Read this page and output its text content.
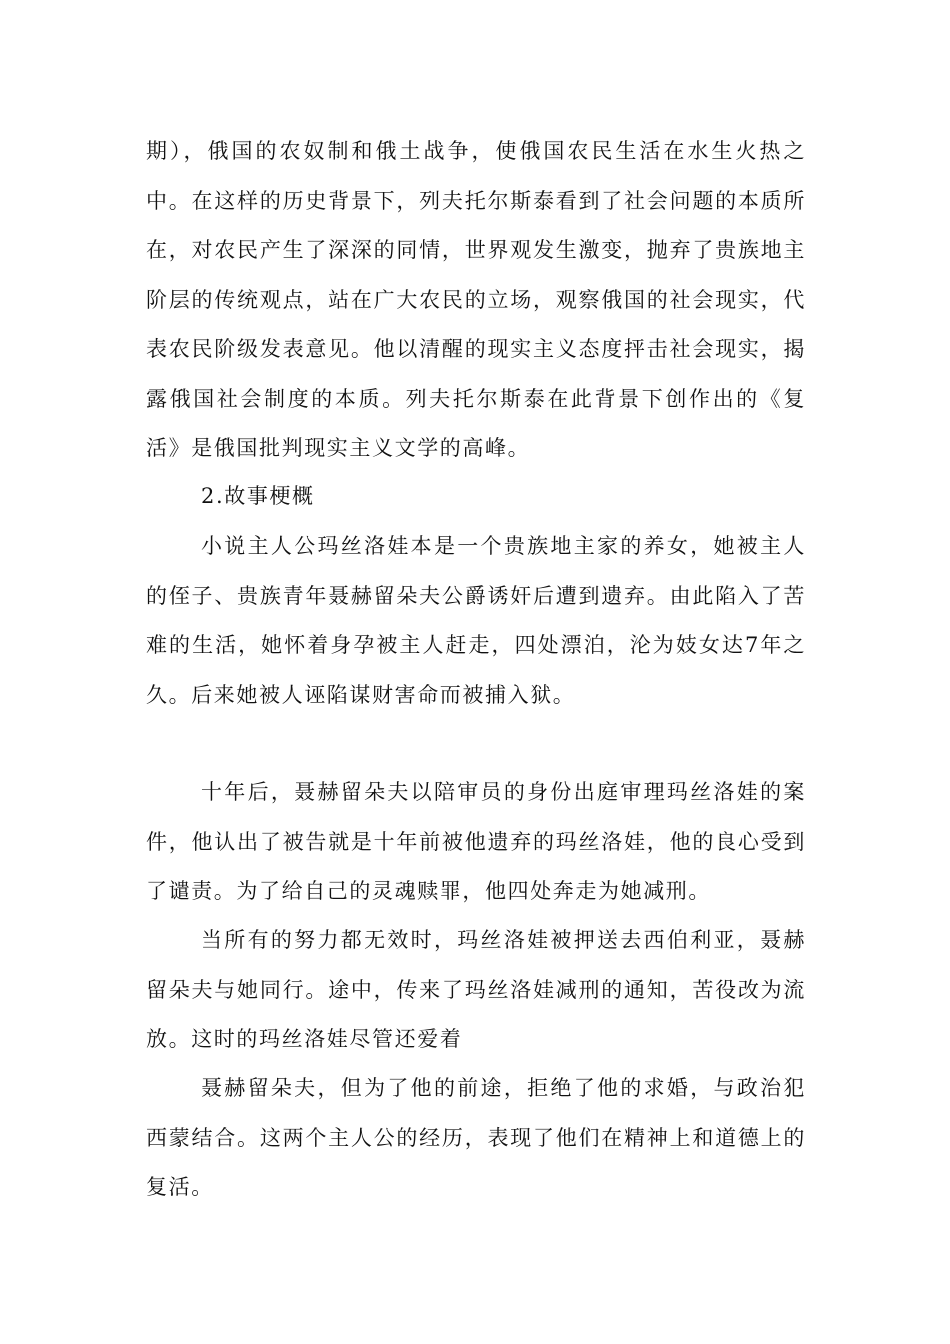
期），俄国的农奴制和俄土战争，使俄国农民生活在水生火热之中。在这样的历史背景下，列夫托尔斯泰看到了社会问题的本质所在，对农民产生了深深的同情，世界观发生激变，抛弃了贵族地主阶层的传统观点，站在广大农民的立场，观察俄国的社会现实，代表农民阶级发表意见。他以清醒的现实主义态度抨击社会现实，揭露俄国社会制度的本质。列夫托尔斯泰在此背景下创作出的《复活》是俄国批判现实主义文学的高峰。

2.故事梗概

小说主人公玛丝洛娃本是一个贵族地主家的养女，她被主人的侄子、贵族青年聂赫留朵夫公爵诱奸后遭到遗弃。由此陷入了苦难的生活，她怀着身孕被主人赶走，四处漂泊，沦为妓女达7年之久。后来她被人诬陷谋财害命而被捕入狱。

十年后，聂赫留朵夫以陪审员的身份出庭审理玛丝洛娃的案件，他认出了被告就是十年前被他遗弃的玛丝洛娃，他的良心受到了谴责。为了给自己的灵魂赎罪，他四处奔走为她减刑。

当所有的努力都无效时，玛丝洛娃被押送去西伯利亚，聂赫留朵夫与她同行。途中，传来了玛丝洛娃减刑的通知，苦役改为流放。这时的玛丝洛娃尽管还爱着

聂赫留朵夫，但为了他的前途，拒绝了他的求婚，与政治犯西蒙结合。这两个主人公的经历，表现了他们在精神上和道德上的复活。
